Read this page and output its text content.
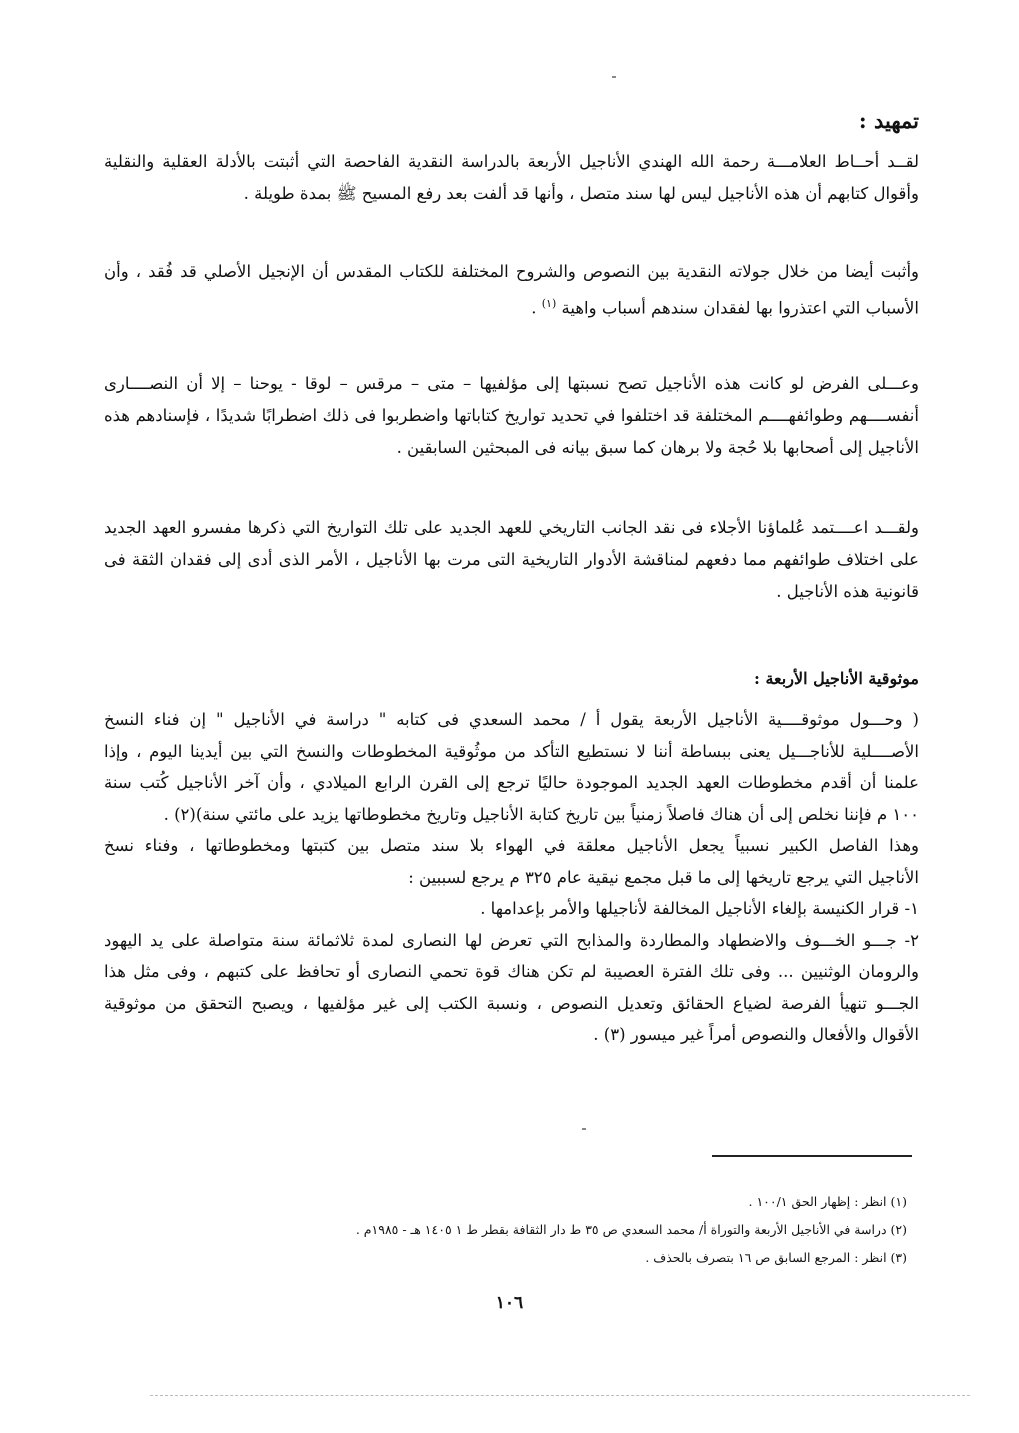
تمهيد :
لقــد أحــاط العلامـــة رحمة الله الهندي الأناجيل الأربعة بالدراسة النقدية الفاحصة التي أثبتت بالأدلة العقلية والنقلية وأقوال كتابهم أن هذه الأناجيل ليس لها سند متصل ، وأنها قد ألفت بعد رفع المسيح ﷺ بمدة طويلة .
وأثبت أيضا من خلال جولاته النقدية بين النصوص والشروح المختلفة للكتاب المقدس أن الإنجيل الأصلي قد فُقد ، وأن الأسباب التي اعتذروا بها لفقدان سندهم أسباب واهية $^{(١)}$ .
وعـــلى الفرض لو كانت هذه الأناجيل تصح نسبتها إلى مؤلفيها – متى – مرقس – لوقا - يوحنا – إلا أن النصــــارى أنفســــهم وطوائفهــــم المختلفة قد اختلفوا في تحديد تواريخ كتاباتها واضطربوا فى ذلك اضطرابًا شديدًا ، فإسنادهم هذه الأناجيل إلى أصحابها بلا حُجة ولا برهان كما سبق بيانه فى المبحثين السابقين .
ولقـــد اعــــتمد عُلماؤنا الأجلاء فى نقد الجانب التاريخي للعهد الجديد على تلك التواريخ التي ذكرها مفسرو العهد الجديد على اختلاف طوائفهم مما دفعهم لمناقشة الأدوار التاريخية التى مرت بها الأناجيل ، الأمر الذى أدى إلى فقدان الثقة فى قانونية هذه الأناجيل .
موثوقية الأناجيل الأربعة :
( وحـــول موثوقــــية الأناجيل الأربعة يقول أ / محمد السعدي فى كتابه " دراسة في الأناجيل " إن فناء النسخ
الأصــــلية للأناجـــيل يعنى ببساطة أننا لا نستطيع التأكد من موثُوقية المخطوطات والنسخ التي بين أيدينا اليوم ، وإذا
علمنا أن أقدم مخطوطات العهد الجديد الموجودة حاليًا ترجع إلى القرن الرابع الميلادي ، وأن آخر الأناجيل كُتب سنة
١٠٠ م فإننا نخلص إلى أن هناك فاصلاً زمنياً بين تاريخ كتابة الأناجيل وتاريخ مخطوطاتها يزيد على مائتي سنة)(٢) .
وهذا الفاصل الكبير نسبياً يجعل الأناجيل معلقة في الهواء بلا سند متصل بين كتبتها ومخطوطاتها ، وفناء نسخ
الأناجيل التي يرجع تاريخها إلى ما قبل مجمع نيقية عام ٣٢٥ م يرجع لسببين :
١- قرار الكنيسة بإلغاء الأناجيل المخالفة لأناجيلها والأمر بإعدامها .
٢- جـــو الخـــوف والاضطهاد والمطاردة والمذابح التي تعرض لها النصارى لمدة ثلاثمائة سنة متواصلة على يد اليهود
والرومان الوثنيين ... وفى تلك الفترة العصيبة لم تكن هناك قوة تحمي النصارى أو تحافظ على كتبهم ، وفى مثل هذا
الجـــو تنهيأ الفرصة لضياع الحقائق وتعديل النصوص ، ونسبة الكتب إلى غير مؤلفيها ، ويصبح التحقق من موثوقية
الأقوال والأفعال والنصوص أمراً غير ميسور (٣) .
(١) انظر : إظهار الحق ١٠٠/١ .
(٢) دراسة في الأناجيل الأربعة والتوراة أ/ محمد السعدي ص ٣٥ ط دار الثقافة بقطر ط ١ ١٤٠٥ هـ - ١٩٨٥م .
(٣) انظر : المرجع السابق ص ١٦ بتصرف بالحذف .
١٠٦
